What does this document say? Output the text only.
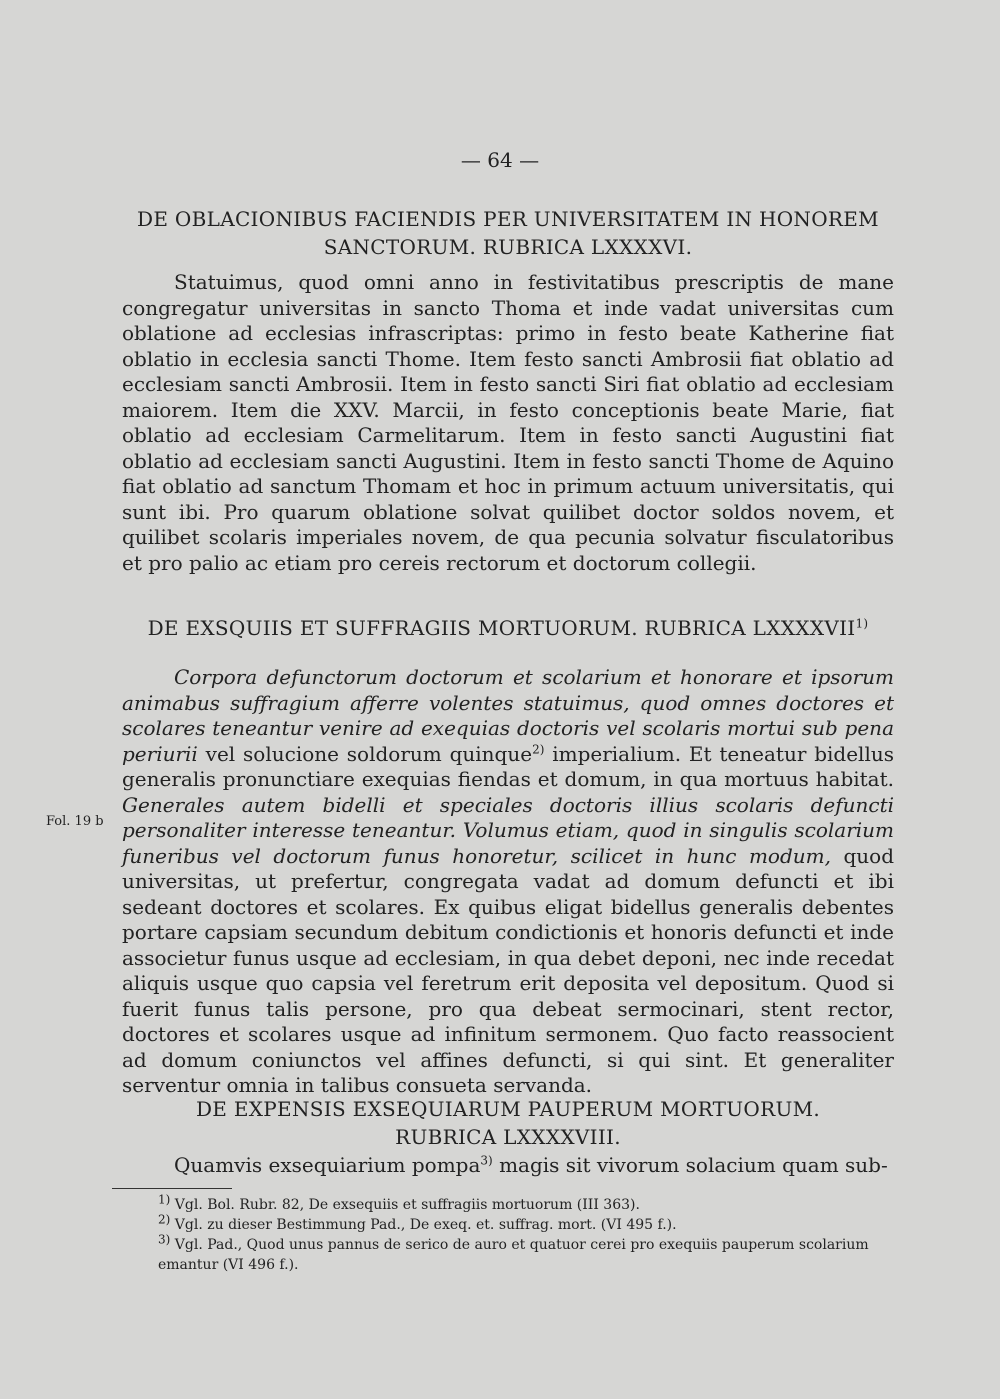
— 64 —
DE OBLACIONIBUS FACIENDIS PER UNIVERSITATEM IN HONOREM
SANCTORUM. RUBRICA LXXXXVI.

Statuimus, quod omni anno in festivitatibus prescriptis de mane congregatur universitas in sancto Thoma et inde vadat universitas cum oblatione ad ecclesias infrascriptas: primo in festo beate Katherine fiat oblatio in ecclesia sancti Thome. Item festo sancti Ambrosii fiat oblatio ad ecclesiam sancti Ambrosii. Item in festo sancti Siri fiat oblatio ad ecclesiam maiorem. Item die XXV. Marcii, in festo conceptionis beate Marie, fiat oblatio ad ecclesiam Carmelitarum. Item in festo sancti Augustini fiat oblatio ad ecclesiam sancti Augustini. Item in festo sancti Thome de Aquino fiat oblatio ad sanctum Thomam et hoc in primum actuum universitatis, qui sunt ibi. Pro quarum oblatione solvat quilibet doctor soldos novem, et quilibet scolaris imperiales novem, de qua pecunia solvatur fisculatoribus et pro palio ac etiam pro cereis rectorum et doctorum collegii.

DE EXSQUIIS ET SUFFRAGIIS MORTUORUM. RUBRICA LXXXXVII$^{1)}$

Corpora defunctorum doctorum et scolarium et honorare et ipsorum animabus suffragium afferre volentes statuimus, quod omnes doctores et scolares teneantur venire ad exequias doctoris vel scolaris mortui sub pena periurii vel solucione soldorum quinque$^{2)}$ imperialium. Et teneatur bidellus generalis pronunctiare exequias fiendas et domum, in qua mortuus habitat. Generales autem bidelli et speciales doctoris illius scolaris defuncti personaliter interesse teneantur. Volumus etiam, quod in singulis scolarium funeribus vel doctorum funus honoretur, scilicet in hunc modum, quod universitas, ut prefertur, congregata vadat ad domum defuncti et ibi sedeant doctores et scolares. Ex quibus eligat bidellus generalis debentes portare capsiam secundum debitum condictionis et honoris defuncti et inde associetur funus usque ad ecclesiam, in qua debet deponi, nec inde recedat aliquis usque quo capsia vel feretrum erit deposita vel depositum. Quod si fuerit funus talis persone, pro qua debeat sermocinari, stent rector, doctores et scolares usque ad infinitum sermonem. Quo facto reassocient ad domum coniunctos vel affines defuncti, si qui sint. Et generaliter serventur omnia in talibus consueta servanda.

Fol. 19 b
DE EXPENSIS EXSEQUIARUM PAUPERUM MORTUORUM.
RUBRICA LXXXXVIII.

Quamvis exsequiarium pompa$^{3)}$ magis sit vivorum solacium quam sub-

$^{1)}$ Vgl. Bol. Rubr. 82, De exsequiis et suffragiis mortuorum (III 363).
$^{2)}$ Vgl. zu dieser Bestimmung Pad., De exeq. et. suffrag. mort. (VI 495 f.).
$^{3)}$ Vgl. Pad., Quod unus pannus de serico de auro et quatuor cerei pro exequiis pauperum scolarium emantur (VI 496 f.).
